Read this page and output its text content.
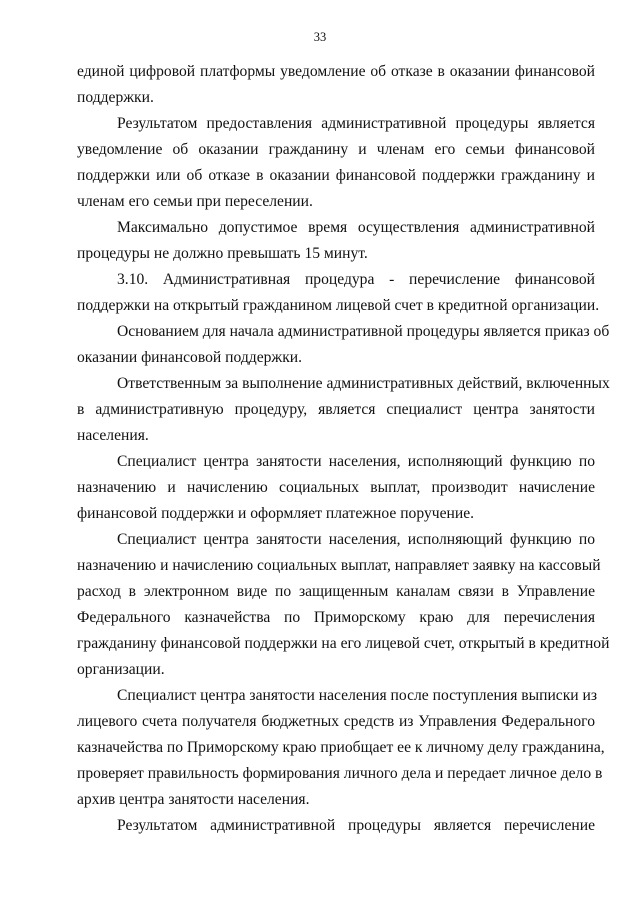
33
единой цифровой платформы уведомление об отказе в оказании финансовой
поддержки.
Результатом предоставления административной процедуры является
уведомление об оказании гражданину и членам его семьи финансовой
поддержки или об отказе в оказании финансовой поддержки гражданину и
членам его семьи при переселении.
Максимально допустимое время осуществления административной
процедуры не должно превышать 15 минут.
3.10. Административная процедура - перечисление финансовой
поддержки на открытый гражданином лицевой счет в кредитной организации.
Основанием для начала административной процедуры является приказ об
оказании финансовой поддержки.
Ответственным за выполнение административных действий, включенных
в административную процедуру, является специалист центра занятости
населения.
Специалист центра занятости населения, исполняющий функцию по
назначению и начислению социальных выплат, производит начисление
финансовой поддержки и оформляет платежное поручение.
Специалист центра занятости населения, исполняющий функцию по
назначению и начислению социальных выплат, направляет заявку на кассовый
расход в электронном виде по защищенным каналам связи в Управление
Федерального казначейства по Приморскому краю для перечисления
гражданину финансовой поддержки на его лицевой счет, открытый в кредитной
организации.
Специалист центра занятости населения после поступления выписки из
лицевого счета получателя бюджетных средств из Управления Федерального
казначейства по Приморскому краю приобщает ее к личному делу гражданина,
проверяет правильность формирования личного дела и передает личное дело в
архив центра занятости населения.
Результатом административной процедуры является перечисление
